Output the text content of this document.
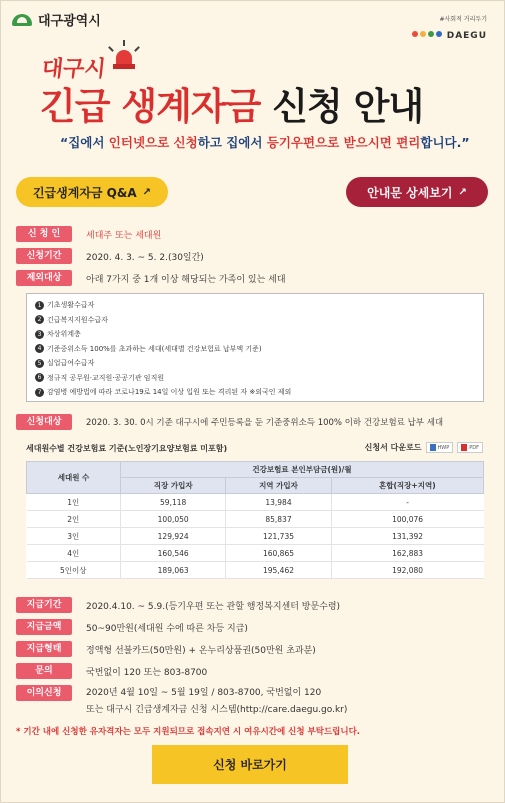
대구광역시	#사회적 거리두기
DAEGU
대구시
긴급 생계자금 신청 안내
“집에서 인터넷으로 신청하고 집에서 등기우편으로 받으시면 편리합니다.”
긴급생계자금 Q&A ↗	안내문 상세보기 ↗
신 청 인	세대주 또는 세대원
신청기간	2020. 4. 3. ~ 5. 2.(30일간)
제외대상	아래 7가지 중 1개 이상 해당되는 가족이 있는 세대
1 기초생활수급자
2 긴급복지지원수급자
3 차상위계층
4 기준중위소득 100%를 초과하는 세대(세대별 건강보험료 납부액 기준)
5 실업급여수급자
6 정규직 공무원·교직원·공공기관 임직원
7 감염병 예방법에 따라 코로나19로 14일 이상 입원 또는 격리된 자 ※외국인 제외
신청대상	2020. 3. 30. 0시 기준 대구시에 주민등록을 둔 기준중위소득 100% 이하 건강보험료 납부 세대
세대원수별 건강보험료 기준(노인장기요양보험료 미포함)	신청서 다운로드	HWP	PDF
세대원 수	건강보험료 본인부담금(원)/월		
	직장 가입자	지역 가입자	혼합(직장+지역)
1인	59,118	13,984	-
2인	100,050	85,837	100,076
3인	129,924	121,735	131,392
4인	160,546	160,865	162,883
5인이상	189,063	195,462	192,080
지급기간	2020.4.10. ~ 5.9.(등기우편 또는 관할 행정복지센터 방문수령)
지급금액	50~90만원(세대원 수에 따른 차등 지급)
지급형태	정액형 선불카드(50만원) + 온누리상품권(50만원 초과분)
문의	국번없이 120 또는 803-8700
이의신청	2020년 4월 10일 ~ 5월 19일 / 803-8700, 국번없이 120
또는 대구시 긴급생계자금 신청 시스템(http://care.daegu.go.kr)
* 기간 내에 신청한 유자격자는 모두 지원되므로 접속지연 시 여유시간에 신청 부탁드립니다.
신청 바로가기
